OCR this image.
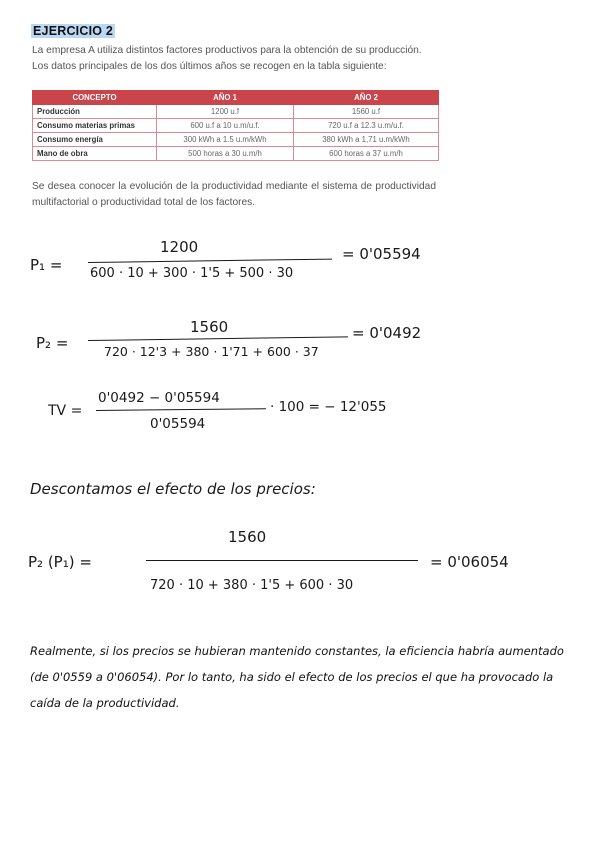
EJERCICIO 2
La empresa A utiliza distintos factores productivos para la obtención de su producción.
Los datos principales de los dos últimos años se recogen en la tabla siguiente:
CONCEPTO	AÑO 1	AÑO 2
Producción	1200 u.f	1560 u.f
Consumo materias primas	600 u.f a 10 u.m/u.f.	720 u.f a 12.3 u.m/u.f.
Consumo energía	300 kWh a 1.5 u.m/kWh	380 kWh a 1,71 u.m/kWh
Mano de obra	500 horas a 30 u.m/h	600 horas a 37 u.m/h
Se desea conocer la evolución de la productividad mediante el sistema de productividad multifactorial o productividad total de los factores.
P₁ =
1200
600 · 10 + 300 · 1'5 + 500 · 30
= 0'05594
P₂ =
1560
720 · 12'3 + 380 · 1'71 + 600 · 37
= 0'0492
TV =
0'0492 − 0'05594
0'05594
· 100 = − 12'055
Descontamos el efecto de los precios:
P₂ (P₁) =
1560
720 · 10 + 380 · 1'5 + 600 · 30
= 0'06054
Realmente, si los precios se hubieran mantenido constantes, la eficiencia habría aumentado (de 0'0559 a 0'06054). Por lo tanto, ha sido el efecto de los precios el que ha provocado la caída de la productividad.
